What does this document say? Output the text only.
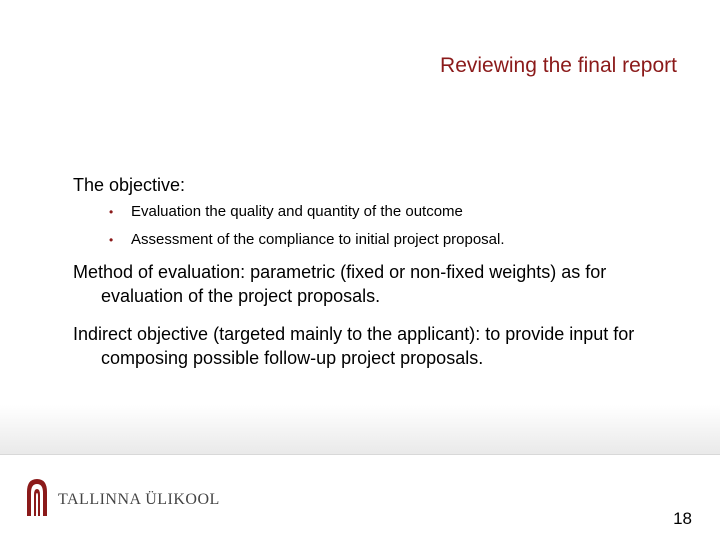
Reviewing the final report

The objective:

•	Evaluation the quality and quantity of the outcome
•	Assessment of the compliance to initial project proposal.

Method of evaluation: parametric (fixed or non-fixed weights) as for evaluation of the project proposals.

Indirect objective (targeted mainly to the applicant): to provide input for composing possible follow-up project proposals.

TALLINNA ÜLIKOOL
18
